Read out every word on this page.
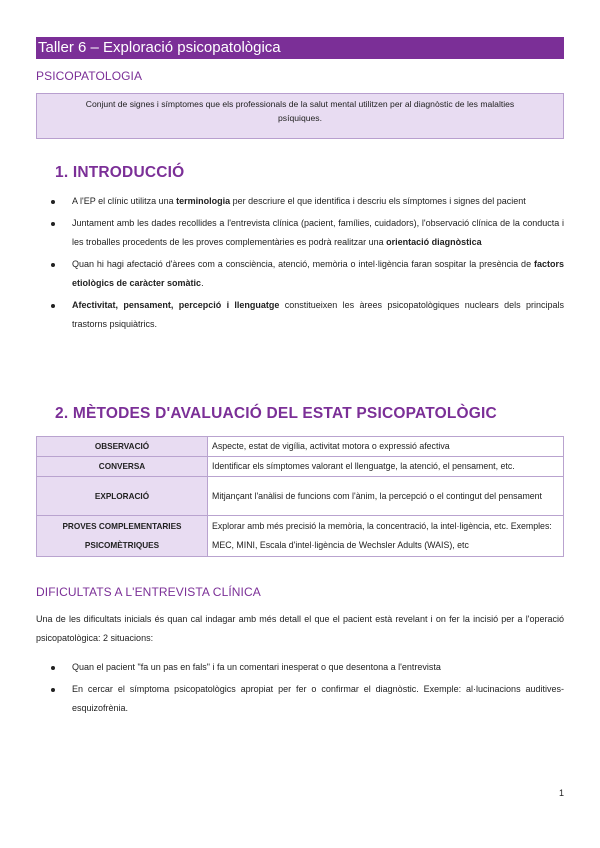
Taller 6 – Exploració psicopatològica
PSICOPATOLOGIA
Conjunt de signes i símptomes que els professionals de la salut mental utilitzen per al diagnòstic de les malalties psíquiques.
1. INTRODUCCIÓ
A l'EP el clínic utilitza una terminologia per descriure el que identifica i descriu els símptomes i signes del pacient
Juntament amb les dades recollides a l'entrevista clínica (pacient, famílies, cuidadors), l'observació clínica de la conducta i les troballes procedents de les proves complementàries es podrà realitzar una orientació diagnòstica
Quan hi hagi afectació d'àrees com a consciència, atenció, memòria o intel·ligència faran sospitar la presència de factors etiològics de caràcter somàtic.
Afectivitat, pensament, percepció i llenguatge constitueixen les àrees psicopatològiques nuclears dels principals trastorns psiquiàtrics.
2. MÈTODES D'AVALUACIÓ DEL ESTAT PSICOPATOLÒGIC
OBSERVACIÓ	Aspecte, estat de vigília, activitat motora o expressió afectiva
CONVERSA	Identificar els símptomes valorant el llenguatge, la atenció, el pensament, etc.
EXPLORACIÓ	Mitjançant l'anàlisi de funcions com l'ànim, la percepció o el contingut del pensament
PROVES COMPLEMENTARIES PSICOMÈTRIQUES	Explorar amb més precisió la memòria, la concentració, la intel·ligència, etc. Exemples: MEC, MINI, Escala d'intel·ligència de Wechsler Adults (WAIS), etc
DIFICULTATS A L'ENTREVISTA CLÍNICA
Una de les dificultats inicials és quan cal indagar amb més detall el que el pacient està revelant i on fer la incisió per a l'operació psicopatològica: 2 situacions:
Quan el pacient "fa un pas en fals" i fa un comentari inesperat o que desentona a l'entrevista
En cercar el símptoma psicopatològics apropiat per fer o confirmar el diagnòstic. Exemple: al·lucinacions auditives-esquizofrènia.
1
